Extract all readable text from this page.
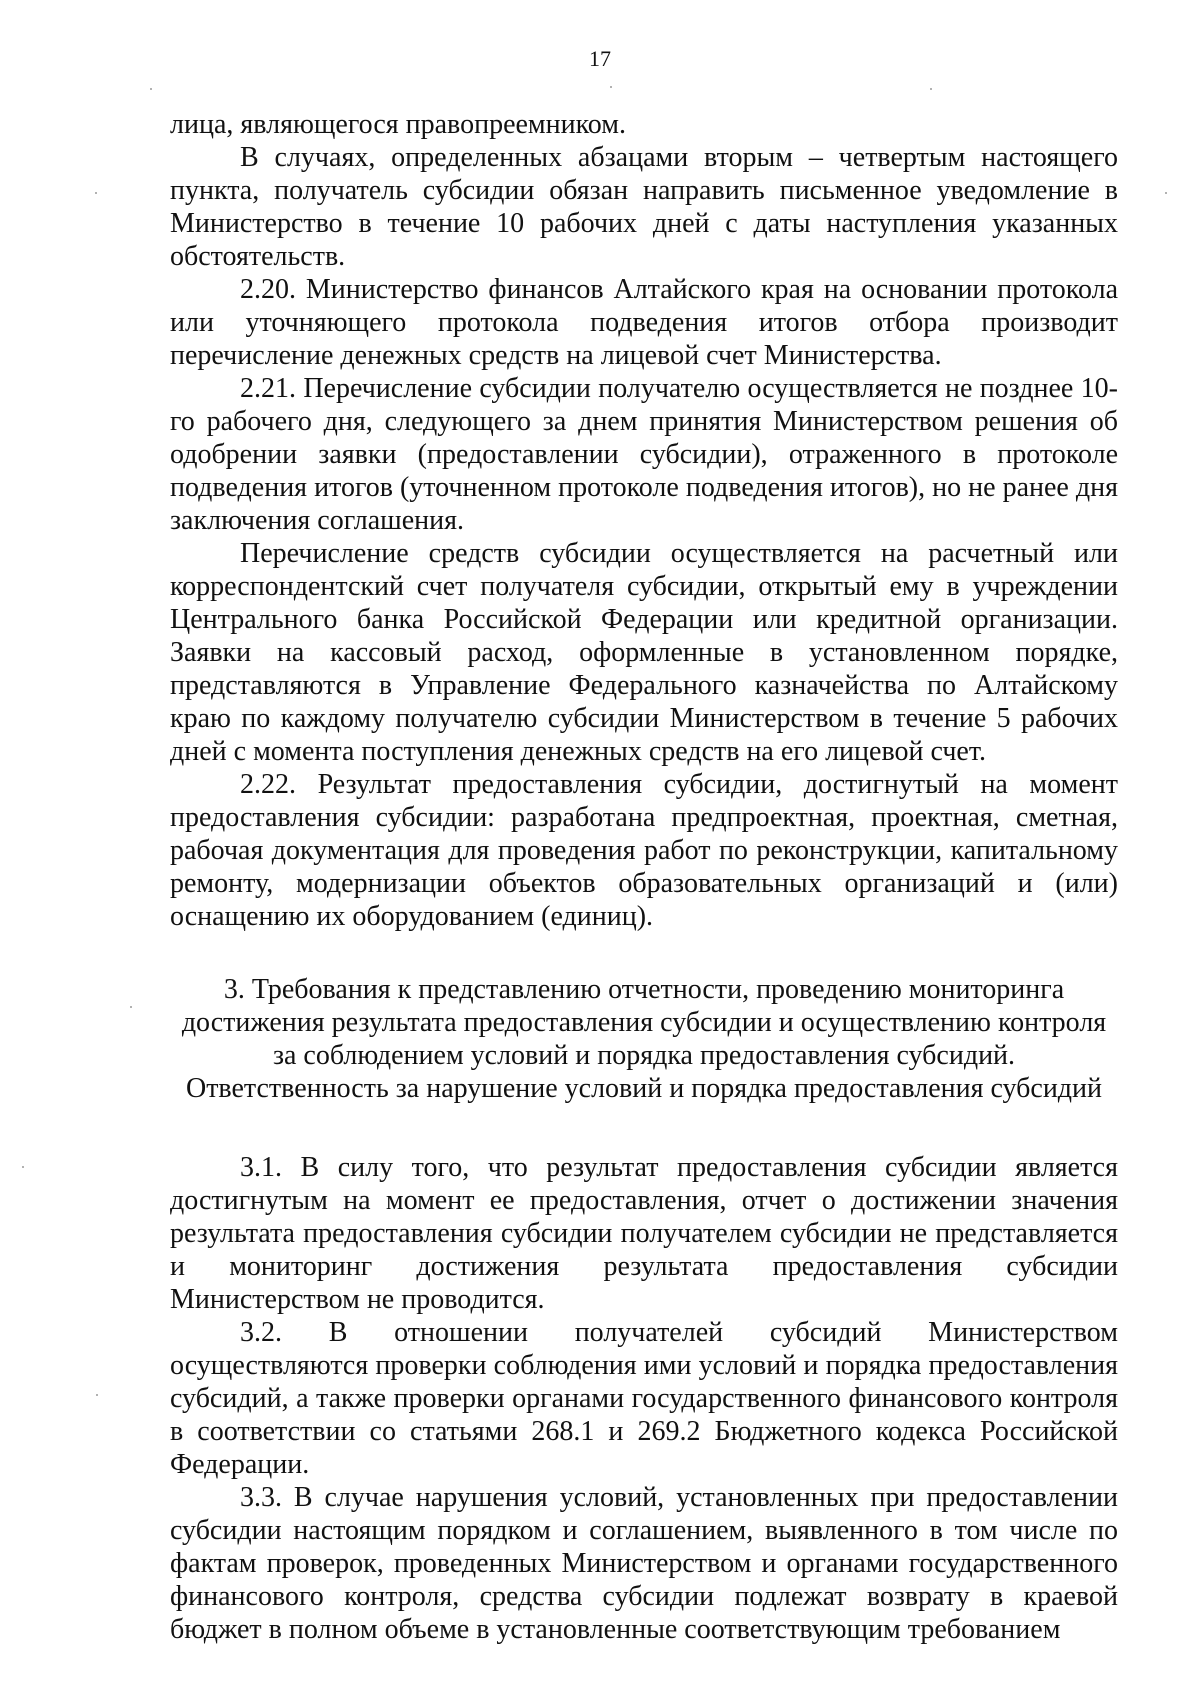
17

лица, являющегося правопреемником.

В случаях, определенных абзацами вторым – четвертым настоящего пункта, получатель субсидии обязан направить письменное уведомление в Министерство в течение 10 рабочих дней с даты наступления указанных обстоятельств.

2.20. Министерство финансов Алтайского края на основании протокола или уточняющего протокола подведения итогов отбора производит перечисление денежных средств на лицевой счет Министерства.

2.21. Перечисление субсидии получателю осуществляется не позднее 10-го рабочего дня, следующего за днем принятия Министерством решения об одобрении заявки (предоставлении субсидии), отраженного в протоколе подведения итогов (уточненном протоколе подведения итогов), но не ранее дня заключения соглашения.

Перечисление средств субсидии осуществляется на расчетный или корреспондентский счет получателя субсидии, открытый ему в учреждении Центрального банка Российской Федерации или кредитной организации. Заявки на кассовый расход, оформленные в установленном порядке, представляются в Управление Федерального казначейства по Алтайскому краю по каждому получателю субсидии Министерством в течение 5 рабочих дней с момента поступления денежных средств на его лицевой счет.

2.22. Результат предоставления субсидии, достигнутый на момент предоставления субсидии: разработана предпроектная, проектная, сметная, рабочая документация для проведения работ по реконструкции, капитальному ремонту, модернизации объектов образовательных организаций и (или) оснащению их оборудованием (единиц).

3. Требования к представлению отчетности, проведению мониторинга
достижения результата предоставления субсидии и осуществлению контроля
за соблюдением условий и порядка предоставления субсидий.
Ответственность за нарушение условий и порядка предоставления субсидий

3.1. В силу того, что результат предоставления субсидии является достигнутым на момент ее предоставления, отчет о достижении значения результата предоставления субсидии получателем субсидии не представляется и мониторинг достижения результата предоставления субсидии Министерством не проводится.

3.2. В отношении получателей субсидий Министерством осуществляются проверки соблюдения ими условий и порядка предоставления субсидий, а также проверки органами государственного финансового контроля в соответствии со статьями 268.1 и 269.2 Бюджетного кодекса Российской Федерации.

3.3. В случае нарушения условий, установленных при предоставлении субсидии настоящим порядком и соглашением, выявленного в том числе по фактам проверок, проведенных Министерством и органами государственного финансового контроля, средства субсидии подлежат возврату в краевой бюджет в полном объеме в установленные соответствующим требованием
